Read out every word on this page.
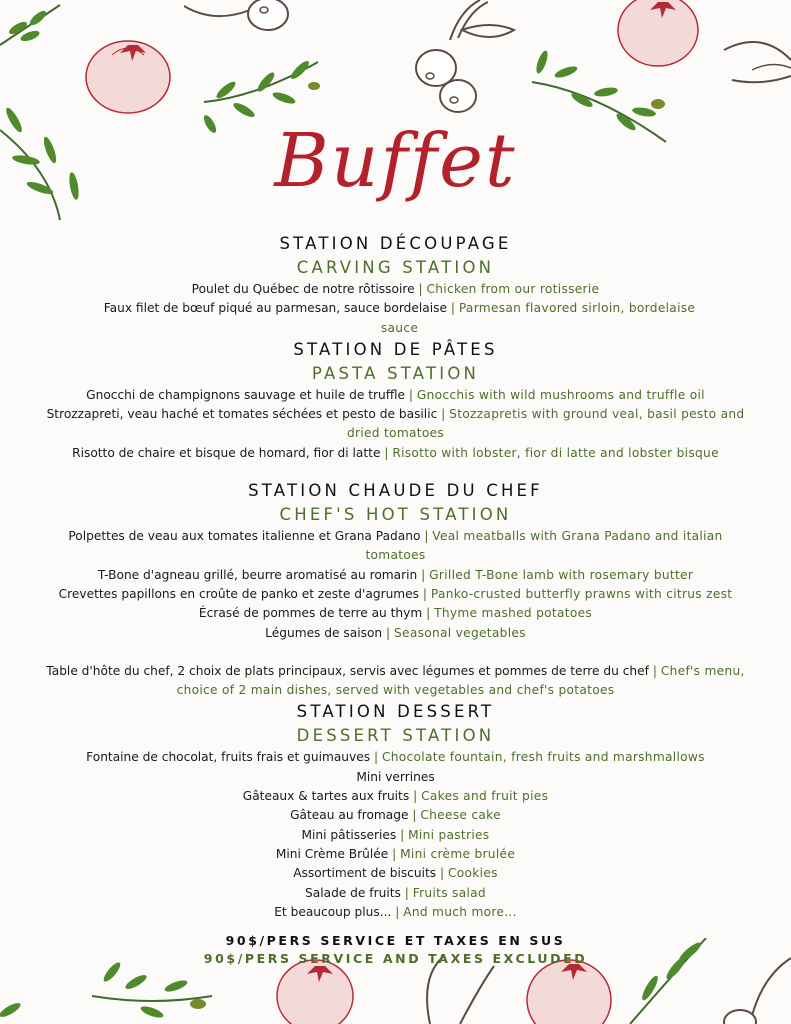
Buffet
STATION DÉCOUPAGE
CARVING STATION
Poulet du Québec de notre rôtissoire | Chicken from our rotisserie
Faux filet de bœuf piqué au parmesan, sauce bordelaise | Parmesan flavored sirloin, bordelaise sauce
STATION DE PÂTES
PASTA STATION
Gnocchi de champignons sauvage et huile de truffle | Gnocchis with wild mushrooms and truffle oil
Strozzapreti, veau haché et tomates séchées et pesto de basilic | Stozzapretis with ground veal, basil pesto and dried tomatoes
Risotto de chaire et bisque de homard, fior di latte | Risotto with lobster, fior di latte and lobster bisque
STATION CHAUDE DU CHEF
CHEF'S HOT STATION
Polpettes de veau aux tomates italienne et Grana Padano | Veal meatballs with Grana Padano and italian tomatoes
T-Bone d'agneau grillé, beurre aromatisé au romarin | Grilled T-Bone lamb with rosemary butter
Crevettes papillons en croûte de panko et zeste d'agrumes | Panko-crusted butterfly prawns with citrus zest
Écrasé de pommes de terre au thym | Thyme mashed potatoes
Légumes de saison | Seasonal vegetables
Table d'hôte du chef, 2 choix de plats principaux, servis avec légumes et pommes de terre du chef | Chef's menu, choice of 2 main dishes, served with vegetables and chef's potatoes
STATION DESSERT
DESSERT STATION
Fontaine de chocolat, fruits frais et guimauves | Chocolate fountain, fresh fruits and marshmallows
Mini verrines
Gâteaux & tartes aux fruits | Cakes and fruit pies
Gâteau au fromage | Cheese cake
Mini pâtisseries | Mini pastries
Mini Crème Brûlée | Mini crème brulée
Assortiment de biscuits | Cookies
Salade de fruits | Fruits salad
Et beaucoup plus... | And much more...
90$/PERS SERVICE ET TAXES EN SUS
90$/PERS SERVICE AND TAXES EXCLUDED
